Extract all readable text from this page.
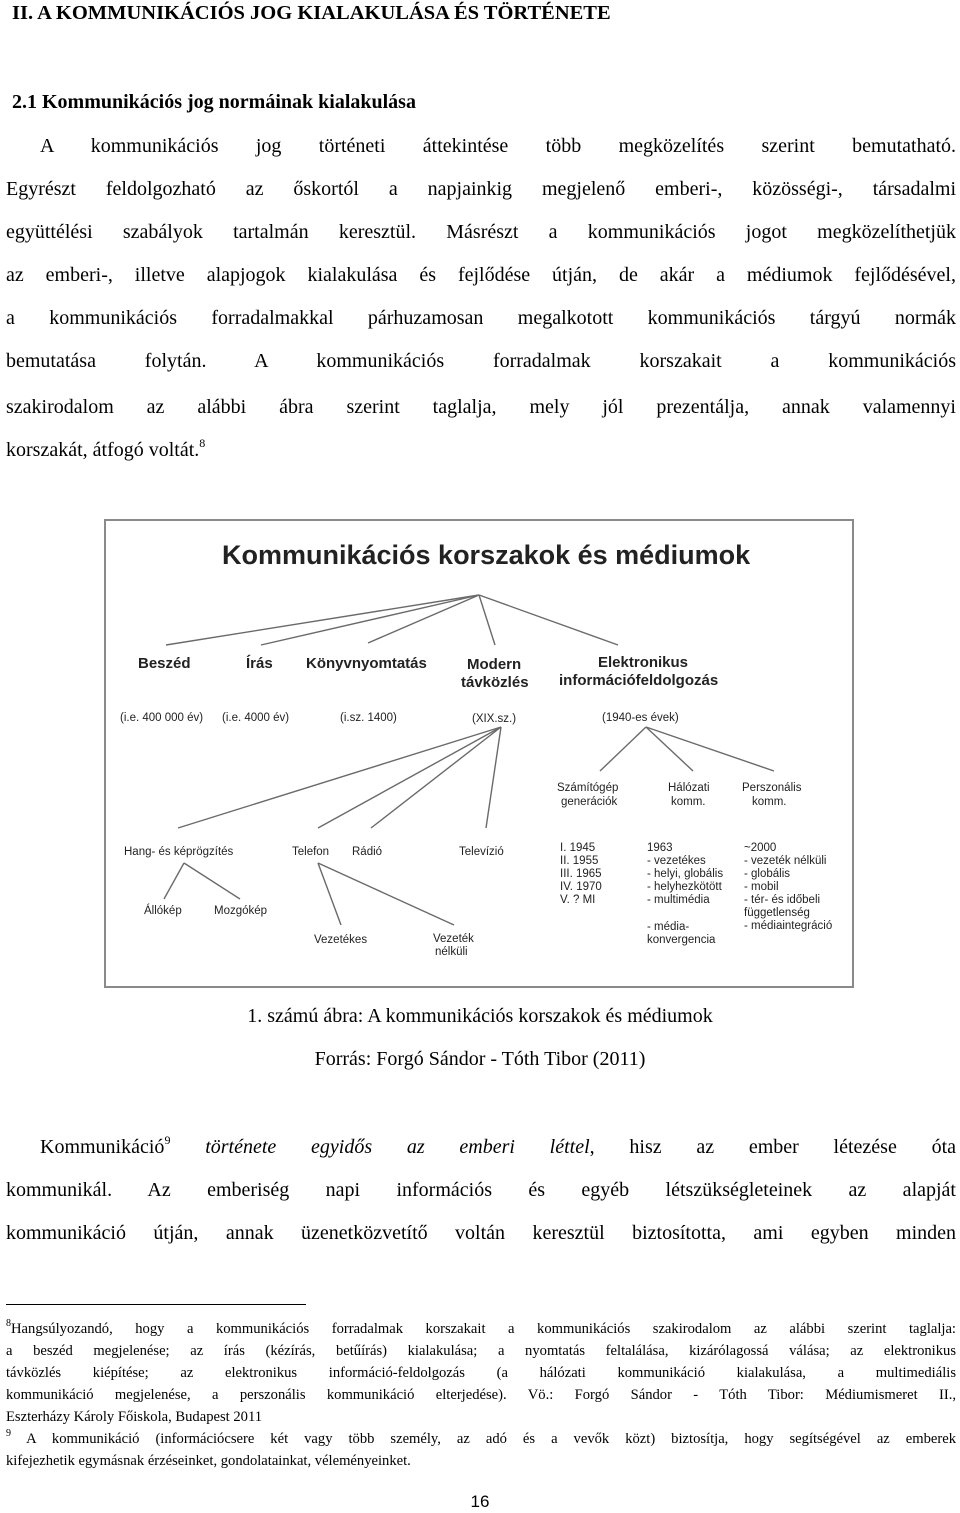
II. A KOMMUNIKÁCIÓS JOG KIALAKULÁSA ÉS TÖRTÉNETE
2.1 Kommunikációs jog normáinak kialakulása
A kommunikációs jog történeti áttekintése több megközelítés szerint bemutatható.
Egyrészt feldolgozható az őskortól a napjainkig megjelenő emberi-, közösségi-, társadalmi
együttélési szabályok tartalmán keresztül. Másrészt a kommunikációs jogot megközelíthetjük
az emberi-, illetve alapjogok kialakulása és fejlődése útján, de akár a médiumok fejlődésével,
a kommunikációs forradalmakkal párhuzamosan megalkotott kommunikációs tárgyú normák
bemutatása folytán. A kommunikációs forradalmak korszakait a kommunikációs
szakirodalom az alábbi ábra szerint taglalja, mely jól prezentálja, annak valamennyi
korszakát, átfogó voltát.$^8$
Kommunikációs korszakok és médiumok
Beszéd	Írás Könyvnyomtatás	Modern
távközlés
Elektronikus
információfeldolgozás
(i.e. 400 000 év) (i.e. 4000 év)	(i.sz. 1400)	(XIX.sz.)	(1940-es évek)
Számítógép
generációk
Hálózati
komm.
Perszonális
komm.
Hang- és képrögzítés	Telefon Rádió	Televízió
Állókép	Mozgókép
Vezetékes	Vezeték
nélküli
I. 1945
II. 1955
III. 1965
IV. 1970
V. ? MI
1963
- vezetékes
- helyi, globális
- helyhezkötött
- multimédia
- média-
konvergencia
~2000
- vezeték nélküli
- globális
- mobil
- tér- és időbeli
függetlenség
- médiaintegráció
1. számú ábra: A kommunikációs korszakok és médiumok
Forrás: Forgó Sándor - Tóth Tibor (2011)
Kommunikáció$^9$ története egyidős az emberi léttel, hisz az ember létezése óta
kommunikál. Az emberiség napi információs és egyéb létszükségleteinek az alapját
kommunikáció útján, annak üzenetközvetítő voltán keresztül biztosította, ami egyben minden
$^8$Hangsúlyozandó, hogy a kommunikációs forradalmak korszakait a kommunikációs szakirodalom az alábbi szerint taglalja:
a beszéd megjelenése; az írás (kézírás, betűírás) kialakulása; a nyomtatás feltalálása, kizárólagossá válása; az elektronikus
távközlés kiépítése; az elektronikus információ-feldolgozás (a hálózati kommunikáció kialakulása, a multimediális
kommunikáció megjelenése, a perszonális kommunikáció elterjedése). Vö.: Forgó Sándor - Tóth Tibor: Médiumismeret II.,
Eszterházy Károly Főiskola, Budapest 2011
$^9$ A kommunikáció (információcsere két vagy több személy, az adó és a vevők közt) biztosítja, hogy segítségével az emberek
kifejezhetik egymásnak érzéseinket, gondolatainkat, véleményeinket.
16
